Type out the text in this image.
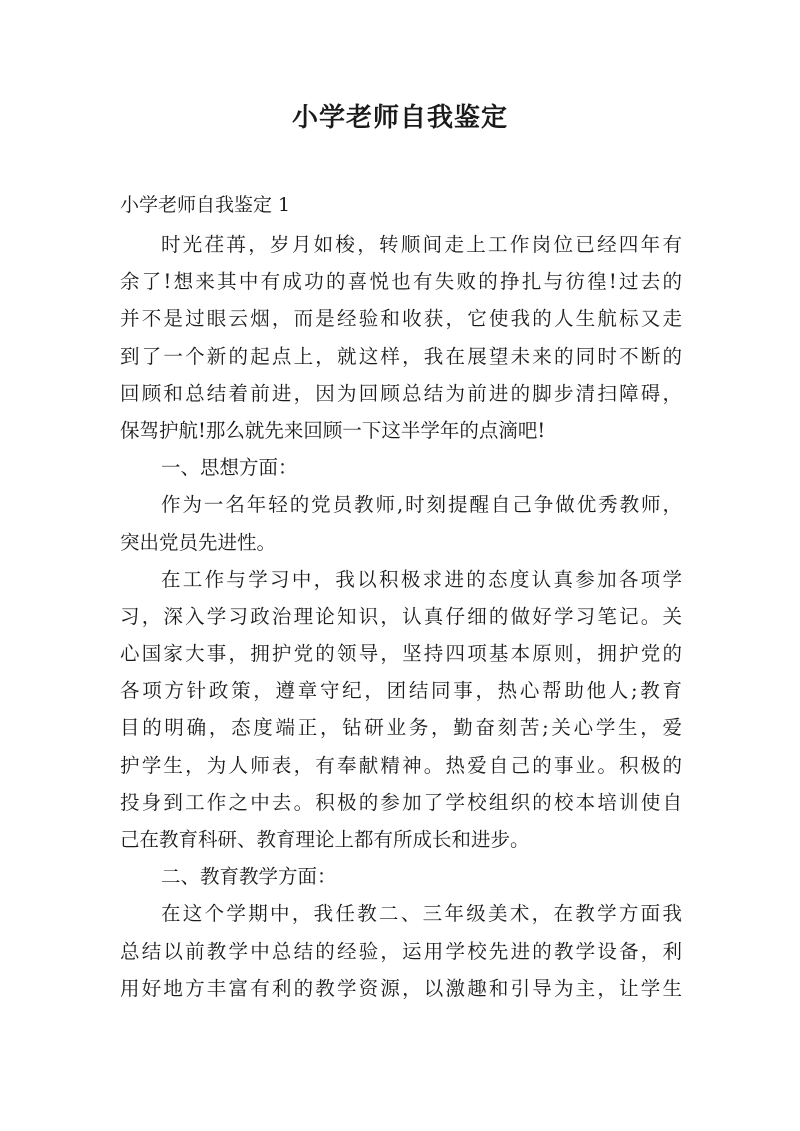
小学老师自我鉴定
小学老师自我鉴定 1
时光荏苒，岁月如梭，转顺间走上工作岗位已经四年有
余了!想来其中有成功的喜悦也有失败的挣扎与彷徨!过去的
并不是过眼云烟，而是经验和收获，它使我的人生航标又走
到了一个新的起点上，就这样，我在展望未来的同时不断的
回顾和总结着前进，因为回顾总结为前进的脚步清扫障碍，
保驾护航!那么就先来回顾一下这半学年的点滴吧!
一、思想方面：
作为一名年轻的党员教师,时刻提醒自己争做优秀教师，
突出党员先进性。
在工作与学习中，我以积极求进的态度认真参加各项学
习，深入学习政治理论知识，认真仔细的做好学习笔记。关
心国家大事，拥护党的领导，坚持四项基本原则，拥护党的
各项方针政策，遵章守纪，团结同事，热心帮助他人;教育
目的明确，态度端正，钻研业务，勤奋刻苦;关心学生，爱
护学生，为人师表，有奉献精神。热爱自己的事业。积极的
投身到工作之中去。积极的参加了学校组织的校本培训使自
己在教育科研、教育理论上都有所成长和进步。
二、教育教学方面：
在这个学期中，我任教二、三年级美术，在教学方面我
总结以前教学中总结的经验，运用学校先进的教学设备，利
用好地方丰富有利的教学资源，以激趣和引导为主，让学生
